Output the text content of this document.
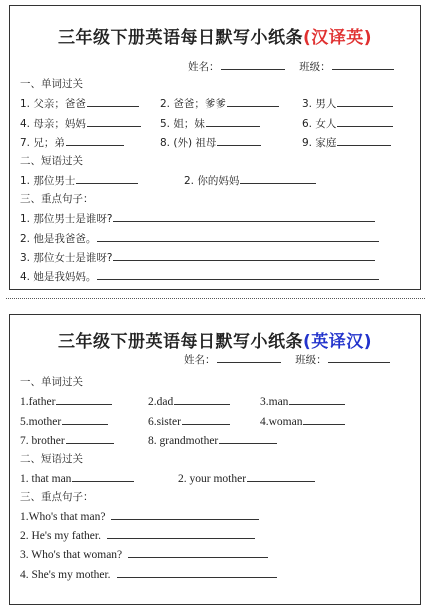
三年级下册英语每日默写小纸条(汉译英)
姓名：	班级：
一、单词过关
1. 父亲；爸爸	2. 爸爸；爹爹	3. 男人
4. 母亲；妈妈	5. 姐；妹	6. 女人
7. 兄；弟	8. (外) 祖母	9. 家庭
二、短语过关
1. 那位男士	2. 你的妈妈
三、重点句子：
1. 那位男士是谁呀?
2. 他是我爸爸。
3. 那位女士是谁呀?
4. 她是我妈妈。
三年级下册英语每日默写小纸条(英译汉)
姓名：	班级：
一、单词过关
1.father	2.dad	3.man
5.mother	6.sister	4.woman
7. brother	8. grandmother
二、短语过关
1. that man	2. your mother
三、重点句子：
1.Who's that man?
2. He's my father.
3. Who's that woman?
4. She's my mother.
